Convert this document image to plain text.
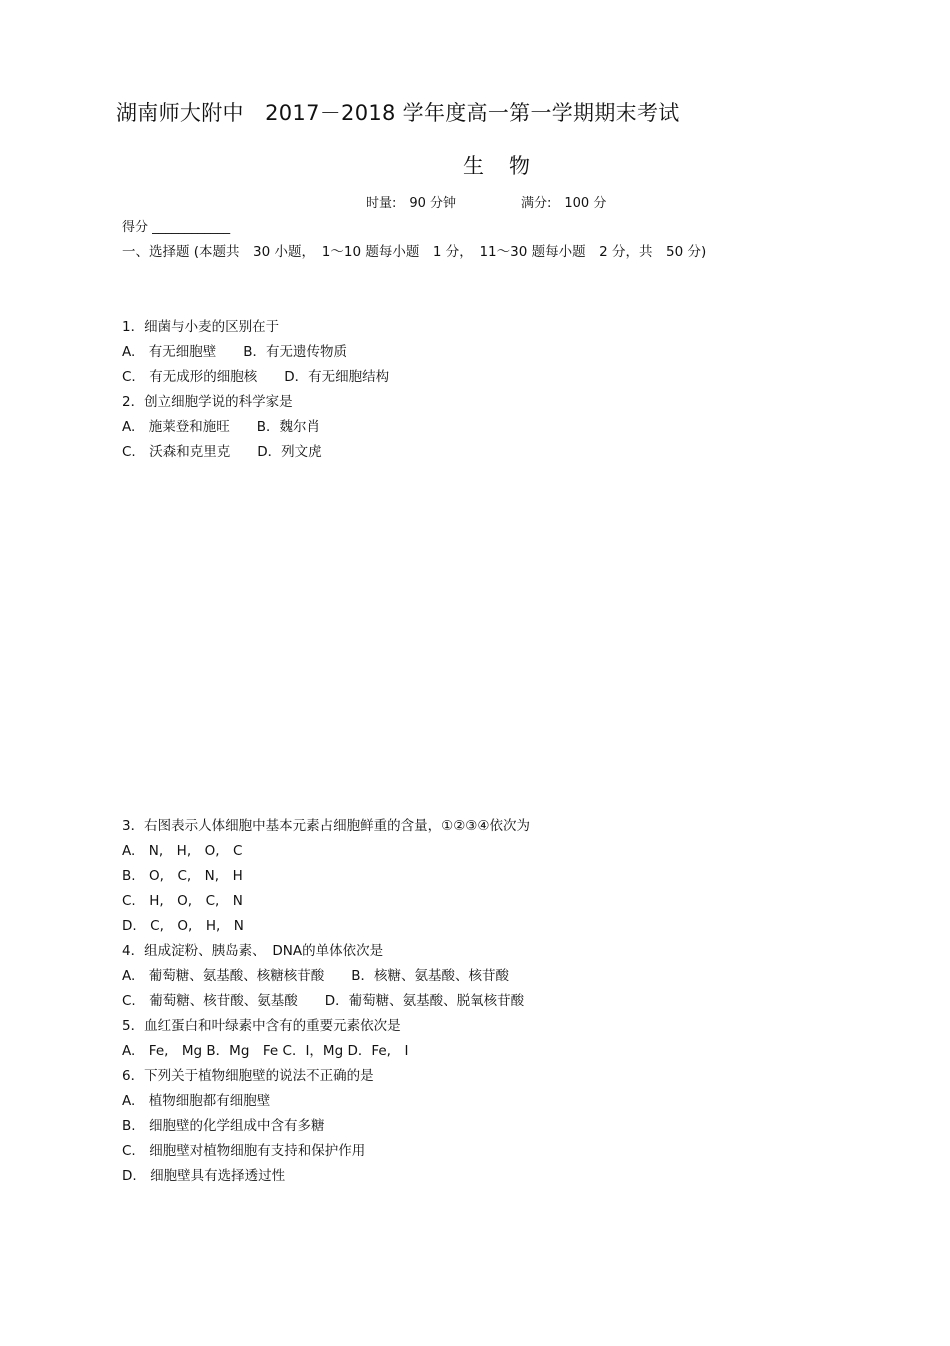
湖南师大附中　2017－2018 学年度高一第一学期期末考试
生　物
时量:　90 分钟	满分:　100 分
得分 ____________
一、选择题 (本题共　30 小题，　1～10 题每小题　1 分，　11～30 题每小题　2 分，共　50 分)
1．细菌与小麦的区别在于
A.　有无细胞壁　　B．有无遗传物质
C.　有无成形的细胞核　　D．有无细胞结构
2．创立细胞学说的科学家是
A.　施莱登和施旺　　B．魏尔肖
C.　沃森和克里克　　D．列文虎
3．右图表示人体细胞中基本元素占细胞鲜重的含量，①②③④依次为
A.　N,　H,　O,　C
B.　O,　C,　N,　H
C.　H,　O,　C,　N
D.　C,　O,　H,　N
4．组成淀粉、胰岛素、　DNA的单体依次是
A.　葡萄糖、氨基酸、核糖核苷酸　　B．核糖、氨基酸、核苷酸
C.　葡萄糖、核苷酸、氨基酸　　D．葡萄糖、氨基酸、脱氧核苷酸
5．血红蛋白和叶绿素中含有的重要元素依次是
A.　Fe,　Mg B．Mg　Fe C．I，Mg D．Fe,　I
6．下列关于植物细胞壁的说法不正确的是
A.　植物细胞都有细胞壁
B.　细胞壁的化学组成中含有多糖
C.　细胞壁对植物细胞有支持和保护作用
D.　细胞壁具有选择透过性
